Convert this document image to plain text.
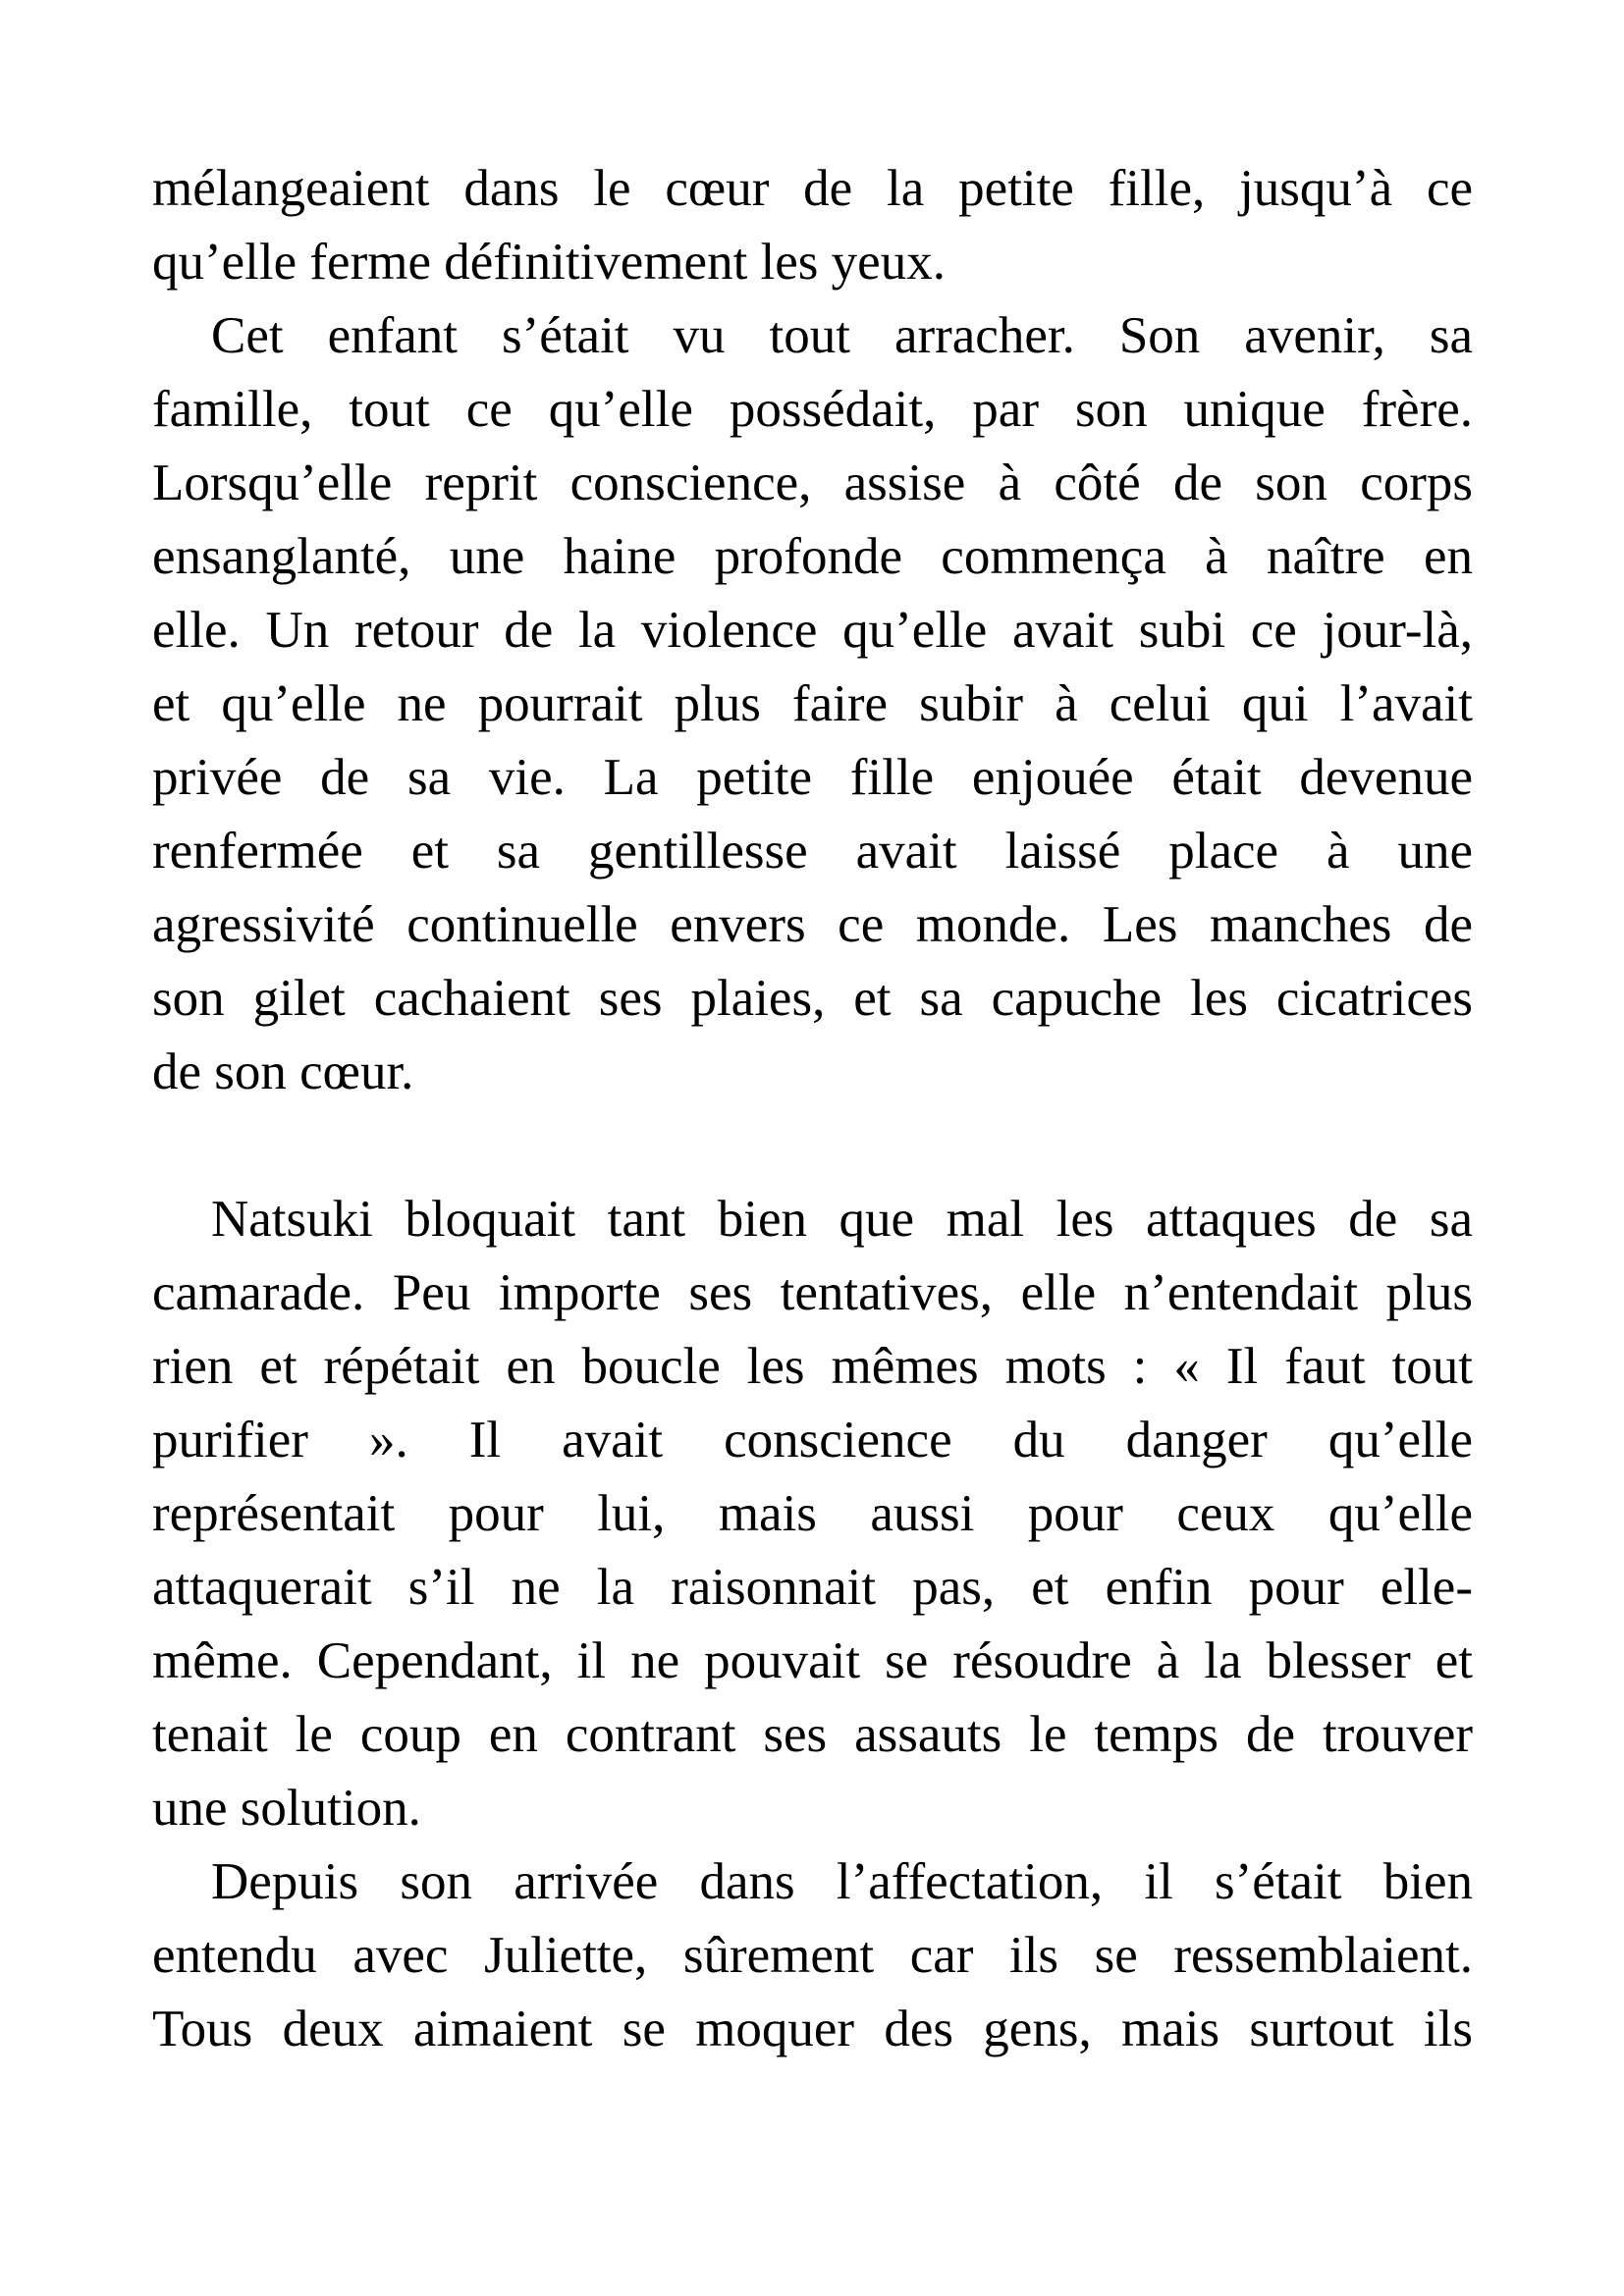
mélangeaient dans le cœur de la petite fille, jusqu’à ce
qu’elle ferme définitivement les yeux.
Cet enfant s’était vu tout arracher. Son avenir, sa
famille, tout ce qu’elle possédait, par son unique frère.
Lorsqu’elle reprit conscience, assise à côté de son corps
ensanglanté, une haine profonde commença à naître en
elle. Un retour de la violence qu’elle avait subi ce jour-là,
et qu’elle ne pourrait plus faire subir à celui qui l’avait
privée de sa vie. La petite fille enjouée était devenue
renfermée et sa gentillesse avait laissé place à une
agressivité continuelle envers ce monde. Les manches de
son gilet cachaient ses plaies, et sa capuche les cicatrices
de son cœur.
Natsuki bloquait tant bien que mal les attaques de sa
camarade. Peu importe ses tentatives, elle n’entendait plus
rien et répétait en boucle les mêmes mots : « Il faut tout
purifier ». Il avait conscience du danger qu’elle
représentait pour lui, mais aussi pour ceux qu’elle
attaquerait s’il ne la raisonnait pas, et enfin pour elle-
même. Cependant, il ne pouvait se résoudre à la blesser et
tenait le coup en contrant ses assauts le temps de trouver
une solution.
Depuis son arrivée dans l’affectation, il s’était bien
entendu avec Juliette, sûrement car ils se ressemblaient.
Tous deux aimaient se moquer des gens, mais surtout ils
